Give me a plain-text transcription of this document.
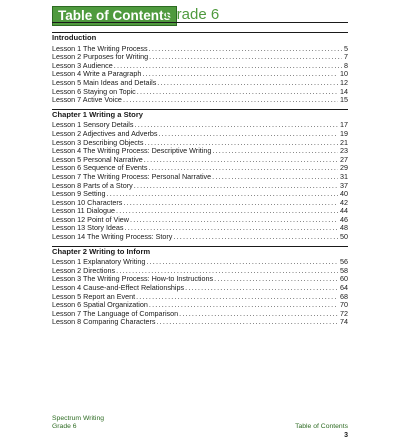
Table of Contents
Grade 6
Introduction
Lesson 1 The Writing Process .....	5
Lesson 2 Purposes for Writing .....	7
Lesson 3 Audience .....	8
Lesson 4 Write a Paragraph .....	10
Lesson 5 Main Ideas and Details .....	12
Lesson 6 Staying on Topic .....	14
Lesson 7 Active Voice .....	15
Chapter 1 Writing a Story
Lesson 1 Sensory Details .....	17
Lesson 2 Adjectives and Adverbs .....	19
Lesson 3 Describing Objects .....	21
Lesson 4 The Writing Process: Descriptive Writing .....	23
Lesson 5 Personal Narrative .....	27
Lesson 6 Sequence of Events .....	29
Lesson 7 The Writing Process: Personal Narrative .....	31
Lesson 8 Parts of a Story .....	37
Lesson 9 Setting .....	40
Lesson 10 Characters .....	42
Lesson 11 Dialogue .....	44
Lesson 12 Point of View .....	46
Lesson 13 Story Ideas .....	48
Lesson 14 The Writing Process: Story .....	50
Chapter 2 Writing to Inform
Lesson 1 Explanatory Writing .....	56
Lesson 2 Directions .....	58
Lesson 3 The Writing Process: How-to Instructions .....	60
Lesson 4 Cause-and-Effect Relationships .....	64
Lesson 5 Report an Event .....	68
Lesson 6 Spatial Organization .....	70
Lesson 7 The Language of Comparison .....	72
Lesson 8 Comparing Characters .....	74
Spectrum Writing
Grade 6	Table of Contents
3
